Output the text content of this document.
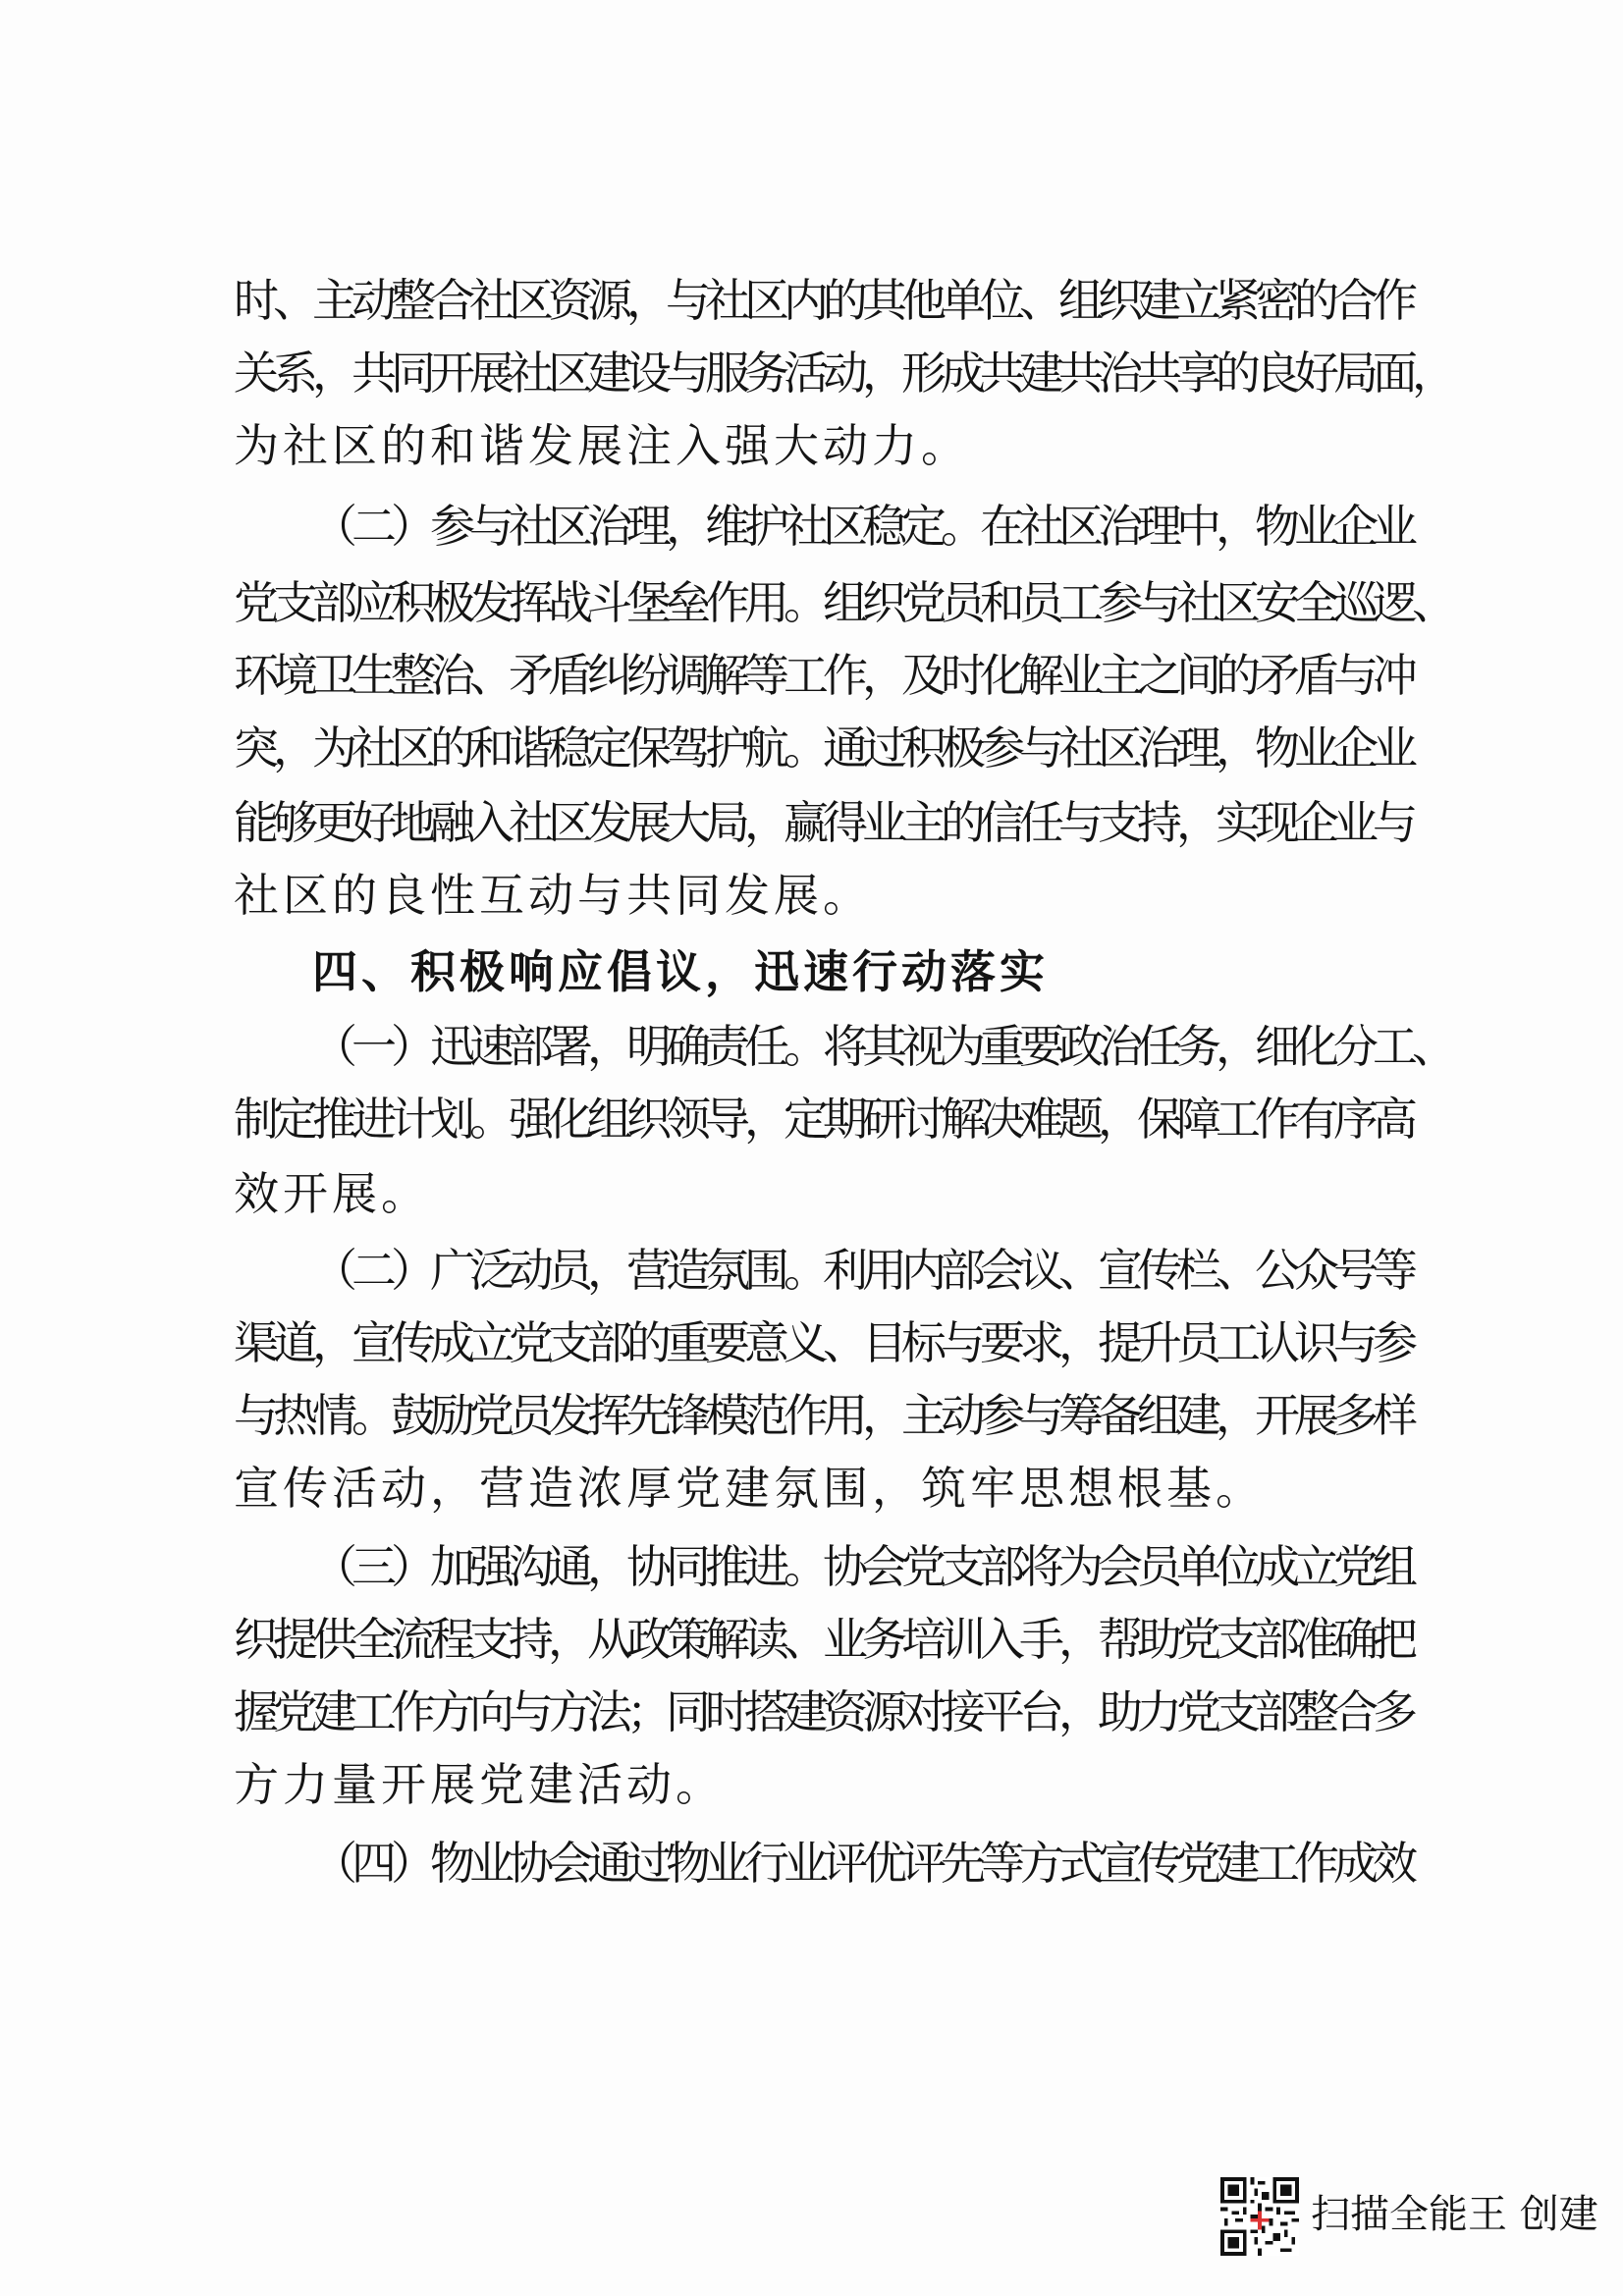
时、主动整合社区资源，与社区内的其他单位、组织建立紧密的合作
关系，共同开展社区建设与服务活动，形成共建共治共享的良好局面，
为社区的和谐发展注入强大动力。
（二）参与社区治理，维护社区稳定。在社区治理中，物业企业
党支部应积极发挥战斗堡垒作用。组织党员和员工参与社区安全巡逻、
环境卫生整治、矛盾纠纷调解等工作，及时化解业主之间的矛盾与冲
突，为社区的和谐稳定保驾护航。通过积极参与社区治理，物业企业
能够更好地融入社区发展大局，赢得业主的信任与支持，实现企业与
社区的良性互动与共同发展。
四、积极响应倡议，迅速行动落实
（一）迅速部署，明确责任。将其视为重要政治任务，细化分工、
制定推进计划。强化组织领导，定期研讨解决难题，保障工作有序高
效开展。
（二）广泛动员，营造氛围。利用内部会议、宣传栏、公众号等
渠道，宣传成立党支部的重要意义、目标与要求，提升员工认识与参
与热情。鼓励党员发挥先锋模范作用，主动参与筹备组建，开展多样
宣传活动，营造浓厚党建氛围，筑牢思想根基。
（三）加强沟通，协同推进。协会党支部将为会员单位成立党组
织提供全流程支持，从政策解读、业务培训入手，帮助党支部准确把
握党建工作方向与方法；同时搭建资源对接平台，助力党支部整合多
方力量开展党建活动。
（四）物业协会通过物业行业评优评先等方式宣传党建工作成效
扫描全能王 创建
